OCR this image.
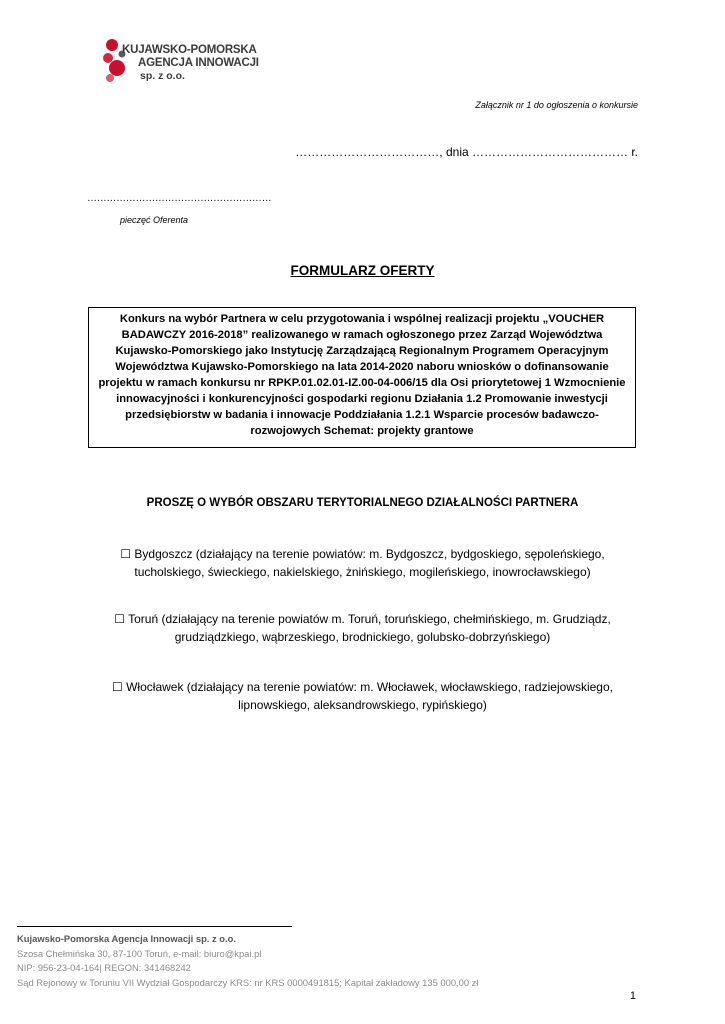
KUJAWSKO-POMORSKA
AGENCJA INNOWACJI
sp. z o.o.
Załącznik nr 1 do ogłoszenia o konkursie
………………………………, dnia ………………………………… r.
…………………………………………………
pieczęć Oferenta
FORMULARZ OFERTY
Konkurs na wybór Partnera w celu przygotowania i wspólnej realizacji projektu „VOUCHER BADAWCZY 2016-2018” realizowanego w ramach ogłoszonego przez Zarząd Województwa Kujawsko-Pomorskiego jako Instytucję Zarządzającą Regionalnym Programem Operacyjnym Województwa Kujawsko-Pomorskiego na lata 2014-2020 naboru wniosków o dofinansowanie projektu w ramach konkursu nr RPKP.01.02.01-IZ.00-04-006/15 dla Osi priorytetowej 1 Wzmocnienie innowacyjności i konkurencyjności gospodarki regionu Działania 1.2 Promowanie inwestycji przedsiębiorstw w badania i innowacje Poddziałania 1.2.1 Wsparcie procesów badawczo-rozwojowych Schemat: projekty grantowe
PROSZĘ O WYBÓR OBSZARU TERYTORIALNEGO DZIAŁALNOŚCI PARTNERA
☐ Bydgoszcz (działający na terenie powiatów: m. Bydgoszcz, bydgoskiego, sępoleńskiego, tucholskiego, świeckiego, nakielskiego, żnińskiego, mogileńskiego, inowrocławskiego)
☐ Toruń (działający na terenie powiatów m. Toruń, toruńskiego, chełmińskiego, m. Grudziądz, grudziądzkiego, wąbrzeskiego, brodnickiego, golubsko-dobrzyńskiego)
☐ Włocławek (działający na terenie powiatów: m. Włocławek, włocławskiego, radziejowskiego, lipnowskiego, aleksandrowskiego, rypińskiego)
Kujawsko-Pomorska Agencja Innowacji sp. z o.o.
Szosa Chełmińska 30, 87-100 Toruń, e-mail: biuro@kpai.pl
NIP: 956-23-04-164| REGON: 341468242
Sąd Rejonowy w Toruniu VII Wydział Gospodarczy KRS: nr KRS 0000491815; Kapitał zakładowy 135 000,00 zł
1
